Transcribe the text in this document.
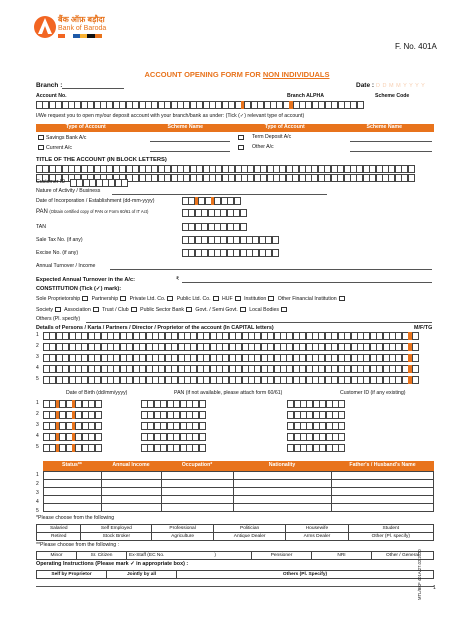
बैंक ऑफ़ बड़ौदा
Bank of Baroda
F. No. 401A
ACCOUNT OPENING FORM FOR NON INDIVIDUALS
Branch :	Date : D D M M Y Y Y Y
Account No.	Branch ALPHA	Scheme Code
I/We request you to open my/our deposit account with your branch/bank as under: (Tick (✓) relevant type of account)
Type of Account	Scheme Name	Type of Account	Scheme Name
Savings Bank A/c	Term Deposit A/c
Current A/c	Other A/c
TITLE OF THE ACCOUNT (IN BLOCK LETTERS)
Customer ID
Nature of Activity / Business
Date of Incorporation / Establishment (dd-mm-yyyy)
PAN (Obtain certified copy of PAN or Form 60/61 of IT Act)
TAN
Sale Tax No. (if any)
Excise No. (if any)
Annual Turnover / Income
Expected Annual Turnover in the A/c:	₹
CONSTITUTION (Tick (✓) mark):
Sole Proprietorship Partnership Private Ltd. Co. Public Ltd. Co. HUF Institution Other Financial Institution
Society Association Trust / Club Public Sector Bank Govt. / Semi Govt. Local Bodies
Others (Pl. specify)
Details of Persons / Karta / Partners / Director / Proprietor of the account (In CAPITAL letters)	M/F/TG
1
2
3
4
5
Date of Birth (dd/mm/yyyy)	PAN (if not available, please attach form 60/61)	Customer ID (if any existing)
1
2
3
4
5
Status**	Annual Income	Occupation*	Nationality	Father's / Husband's Name
1
2
3
4
5

*Please choose from the following
Salaried	Self Employed	Professional	Politician	Housewife	Student
Retired	Stock Broker	Agriculture	Antique Dealer	Arms Dealer	Other (Pl. specify)
**Please choose from the following :
Minor	Sr. Citizen	Ex-Staff (EC No.	)	Pensioner	NRI	Other / General
Operating Instructions (Please mark ✓ in appropriate box) :
Self by Proprietor	Jointly by all	Others (Pl. Specify)	MTL/BKF 401A/27.02.2020 1
